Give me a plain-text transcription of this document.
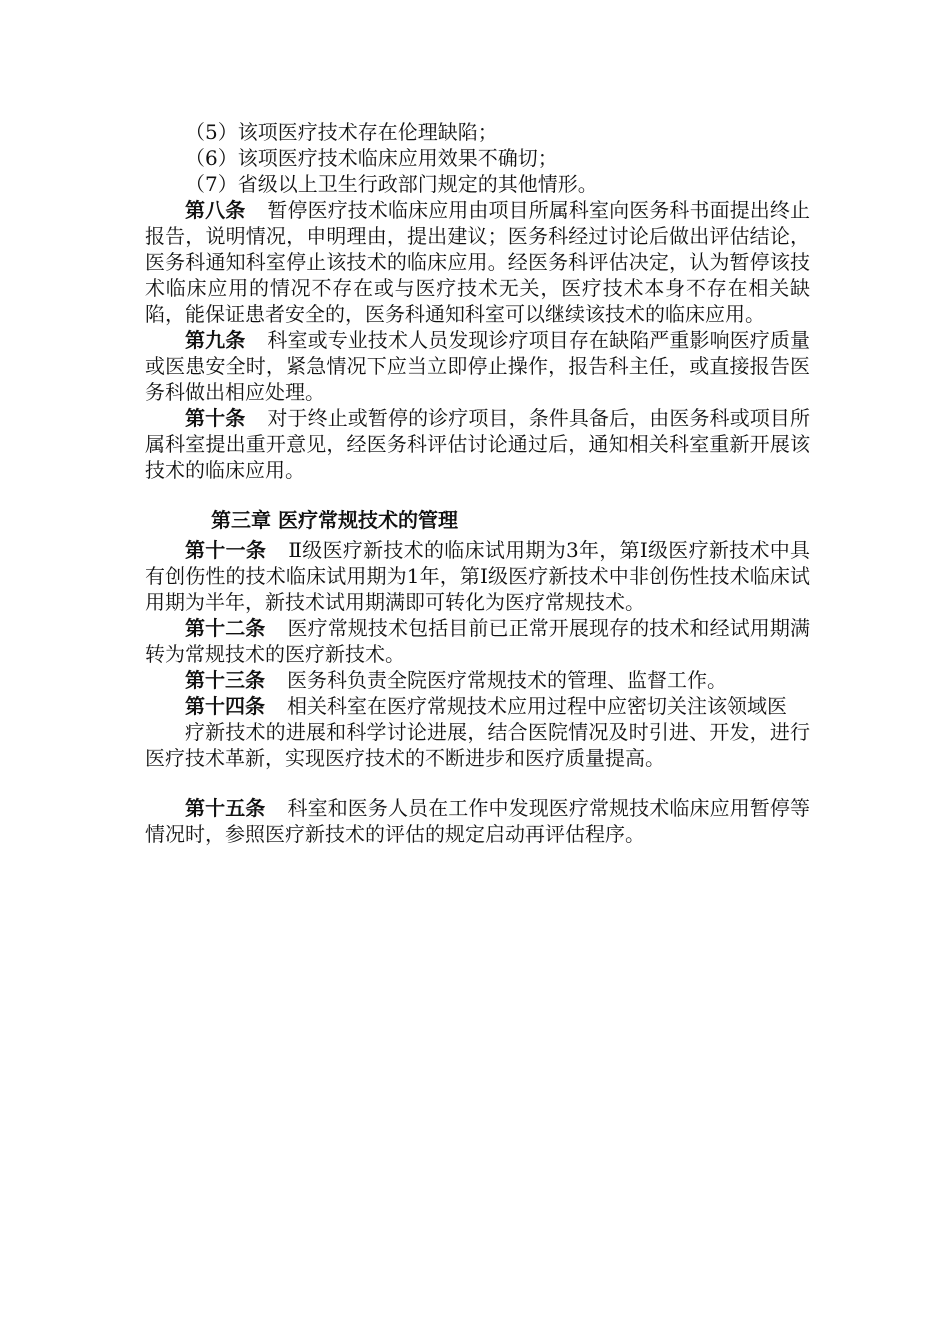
（5）该项医疗技术存在伦理缺陷；

（6）该项医疗技术临床应用效果不确切；

（7）省级以上卫生行政部门规定的其他情形。

第八条 暂停医疗技术临床应用由项目所属科室向医务科书面提出终止报告，说明情况，申明理由，提出建议；医务科经过讨论后做出评估结论，医务科通知科室停止该技术的临床应用。经医务科评估决定，认为暂停该技术临床应用的情况不存在或与医疗技术无关，医疗技术本身不存在相关缺陷，能保证患者安全的，医务科通知科室可以继续该技术的临床应用。

第九条 科室或专业技术人员发现诊疗项目存在缺陷严重影响医疗质量或医患安全时，紧急情况下应当立即停止操作，报告科主任，或直接报告医务科做出相应处理。

第十条 对于终止或暂停的诊疗项目，条件具备后，由医务科或项目所属科室提出重开意见，经医务科评估讨论通过后，通知相关科室重新开展该技术的临床应用。

第三章 医疗常规技术的管理

第十一条 Ⅱ级医疗新技术的临床试用期为3年，第Ⅰ级医疗新技术中具有创伤性的技术临床试用期为1年，第Ⅰ级医疗新技术中非创伤性技术临床试用期为半年，新技术试用期满即可转化为医疗常规技术。

第十二条 医疗常规技术包括目前已正常开展现存的技术和经试用期满转为常规技术的医疗新技术。

第十三条 医务科负责全院医疗常规技术的管理、监督工作。

第十四条 相关科室在医疗常规技术应用过程中应密切关注该领域医

疗新技术的进展和科学讨论进展，结合医院情况及时引进、开发，进行医疗技术革新，实现医疗技术的不断进步和医疗质量提高。

第十五条 科室和医务人员在工作中发现医疗常规技术临床应用暂停等情况时，参照医疗新技术的评估的规定启动再评估程序。
